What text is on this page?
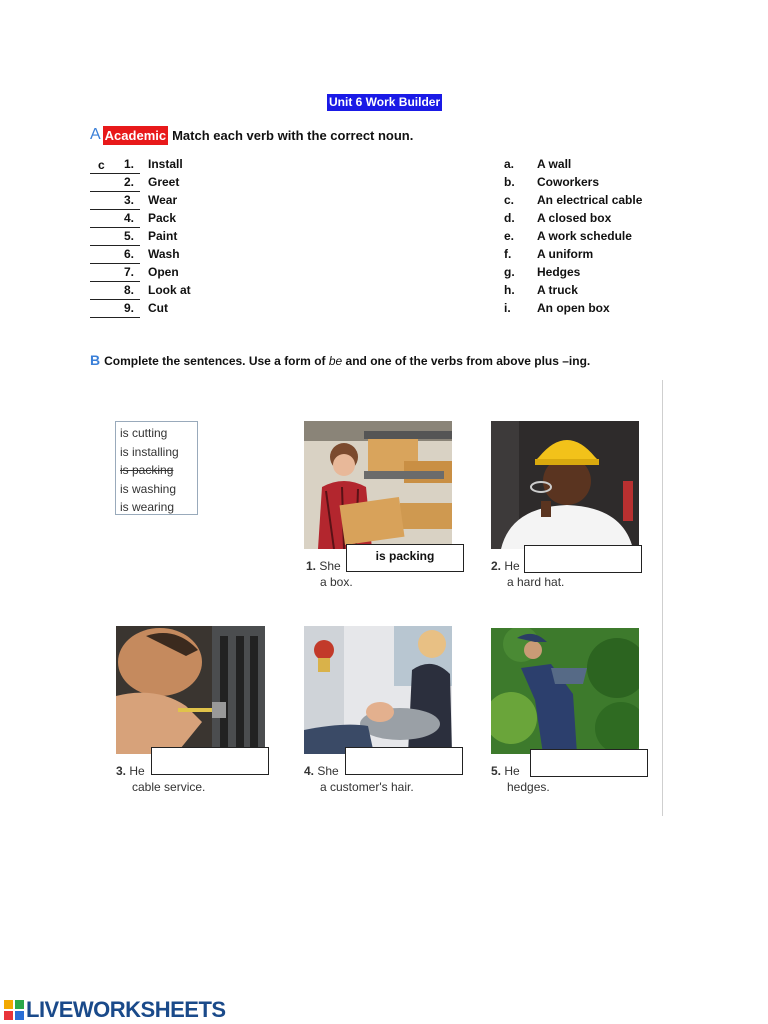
Unit 6 Work Builder
A Academic Match each verb with the correct noun.
c	1. Install	a. A wall
2. Greet	b. Coworkers
3. Wear	c. An electrical cable
4. Pack	d. A closed box
5. Paint	e. A work schedule
6. Wash	f. A uniform
7. Open	g. Hedges
8. Look at	h. A truck
9. Cut	i. An open box
B Complete the sentences. Use a form of be and one of the verbs from above plus –ing.
is cutting
is installing
is packing
is washing
is wearing
is packing
1. She
a box.
2. He
a hard hat.
3. He
cable service.
4. She
a customer's hair.
5. He
hedges.
LIVEWORKSHEETS
